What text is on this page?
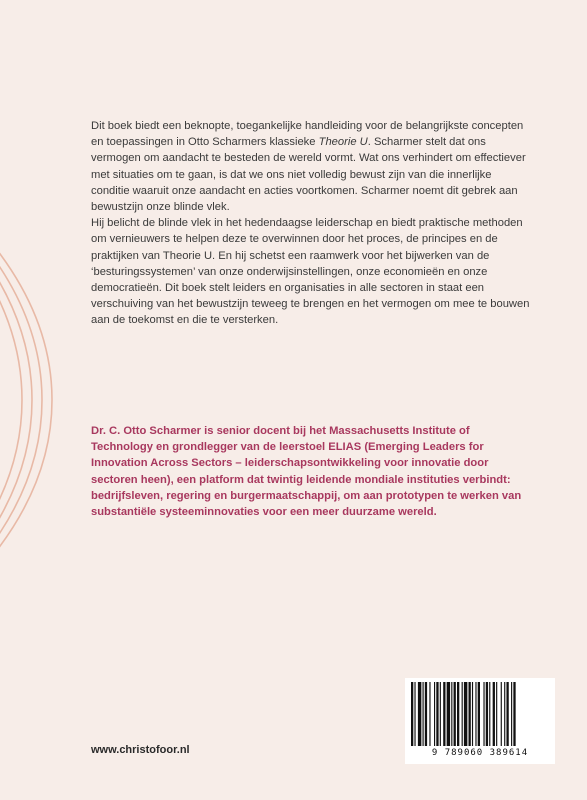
Dit boek biedt een beknopte, toegankelijke handleiding voor de belangrijkste concepten en toepassingen in Otto Scharmers klassieke Theorie U. Scharmer stelt dat ons vermogen om aandacht te besteden de wereld vormt. Wat ons verhindert om effectiever met situaties om te gaan, is dat we ons niet volledig bewust zijn van die innerlijke conditie waaruit onze aandacht en acties voortkomen. Scharmer noemt dit gebrek aan bewustzijn onze blinde vlek.

Hij belicht de blinde vlek in het hedendaagse leiderschap en biedt praktische methoden om vernieuwers te helpen deze te overwinnen door het proces, de principes en de praktijken van Theorie U. En hij schetst een raamwerk voor het bijwerken van de ‘besturingssystemen’ van onze onderwijsinstellingen, onze economieën en onze democratieën. Dit boek stelt leiders en organisaties in alle sectoren in staat een verschuiving van het bewustzijn teweeg te brengen en het vermogen om mee te bouwen aan de toekomst en die te versterken.

Dr. C. Otto Scharmer is senior docent bij het Massachusetts Institute of Technology en grondlegger van de leerstoel ELIAS (Emerging Leaders for Innovation Across Sectors – leiderschapsontwikkeling voor innovatie door sectoren heen), een platform dat twintig leidende mondiale instituties verbindt: bedrijfsleven, regering en burgermaatschappij, om aan prototypen te werken van substantiële systeeminnovaties voor een meer duurzame wereld.
www.christofoor.nl	9 789060 389614
